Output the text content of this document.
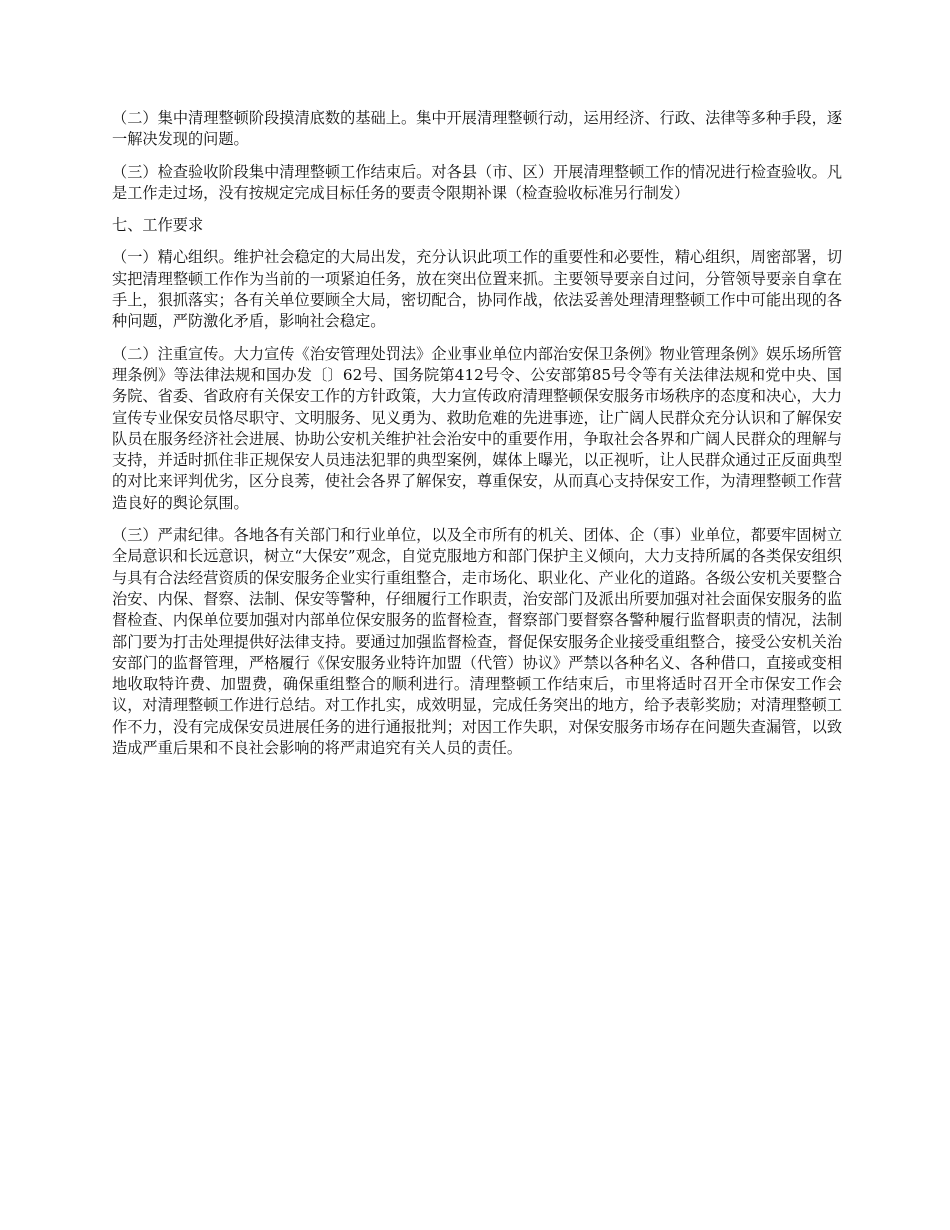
（二）集中清理整顿阶段摸清底数的基础上。集中开展清理整顿行动，运用经济、行政、法律等多种手段，逐一解决发现的问题。

（三）检查验收阶段集中清理整顿工作结束后。对各县（市、区）开展清理整顿工作的情况进行检查验收。凡是工作走过场，没有按规定完成目标任务的要责令限期补课（检查验收标准另行制发）

七、工作要求

（一）精心组织。维护社会稳定的大局出发，充分认识此项工作的重要性和必要性，精心组织，周密部署，切实把清理整顿工作作为当前的一项紧迫任务，放在突出位置来抓。主要领导要亲自过问，分管领导要亲自拿在手上，狠抓落实；各有关单位要顾全大局，密切配合，协同作战，依法妥善处理清理整顿工作中可能出现的各种问题，严防激化矛盾，影响社会稳定。

（二）注重宣传。大力宣传《治安管理处罚法》企业事业单位内部治安保卫条例》物业管理条例》娱乐场所管理条例》等法律法规和国办发〔〕62号、国务院第412号令、公安部第85号令等有关法律法规和党中央、国务院、省委、省政府有关保安工作的方针政策，大力宣传政府清理整顿保安服务市场秩序的态度和决心，大力宣传专业保安员恪尽职守、文明服务、见义勇为、救助危难的先进事迹，让广阔人民群众充分认识和了解保安队员在服务经济社会进展、协助公安机关维护社会治安中的重要作用，争取社会各界和广阔人民群众的理解与支持，并适时抓住非正规保安人员违法犯罪的典型案例，媒体上曝光，以正视听，让人民群众通过正反面典型的对比来评判优劣，区分良莠，使社会各界了解保安，尊重保安，从而真心支持保安工作，为清理整顿工作营造良好的舆论氛围。

（三）严肃纪律。各地各有关部门和行业单位，以及全市所有的机关、团体、企（事）业单位，都要牢固树立全局意识和长远意识，树立“大保安”观念，自觉克服地方和部门保护主义倾向，大力支持所属的各类保安组织与具有合法经营资质的保安服务企业实行重组整合，走市场化、职业化、产业化的道路。各级公安机关要整合治安、内保、督察、法制、保安等警种，仔细履行工作职责，治安部门及派出所要加强对社会面保安服务的监督检查、内保单位要加强对内部单位保安服务的监督检查，督察部门要督察各警种履行监督职责的情况，法制部门要为打击处理提供好法律支持。要通过加强监督检查，督促保安服务企业接受重组整合，接受公安机关治安部门的监督管理，严格履行《保安服务业特许加盟（代管）协议》严禁以各种名义、各种借口，直接或变相地收取特许费、加盟费，确保重组整合的顺利进行。清理整顿工作结束后，市里将适时召开全市保安工作会议，对清理整顿工作进行总结。对工作扎实，成效明显，完成任务突出的地方，给予表彰奖励；对清理整顿工作不力，没有完成保安员进展任务的进行通报批判；对因工作失职，对保安服务市场存在问题失查漏管，以致造成严重后果和不良社会影响的将严肃追究有关人员的责任。
